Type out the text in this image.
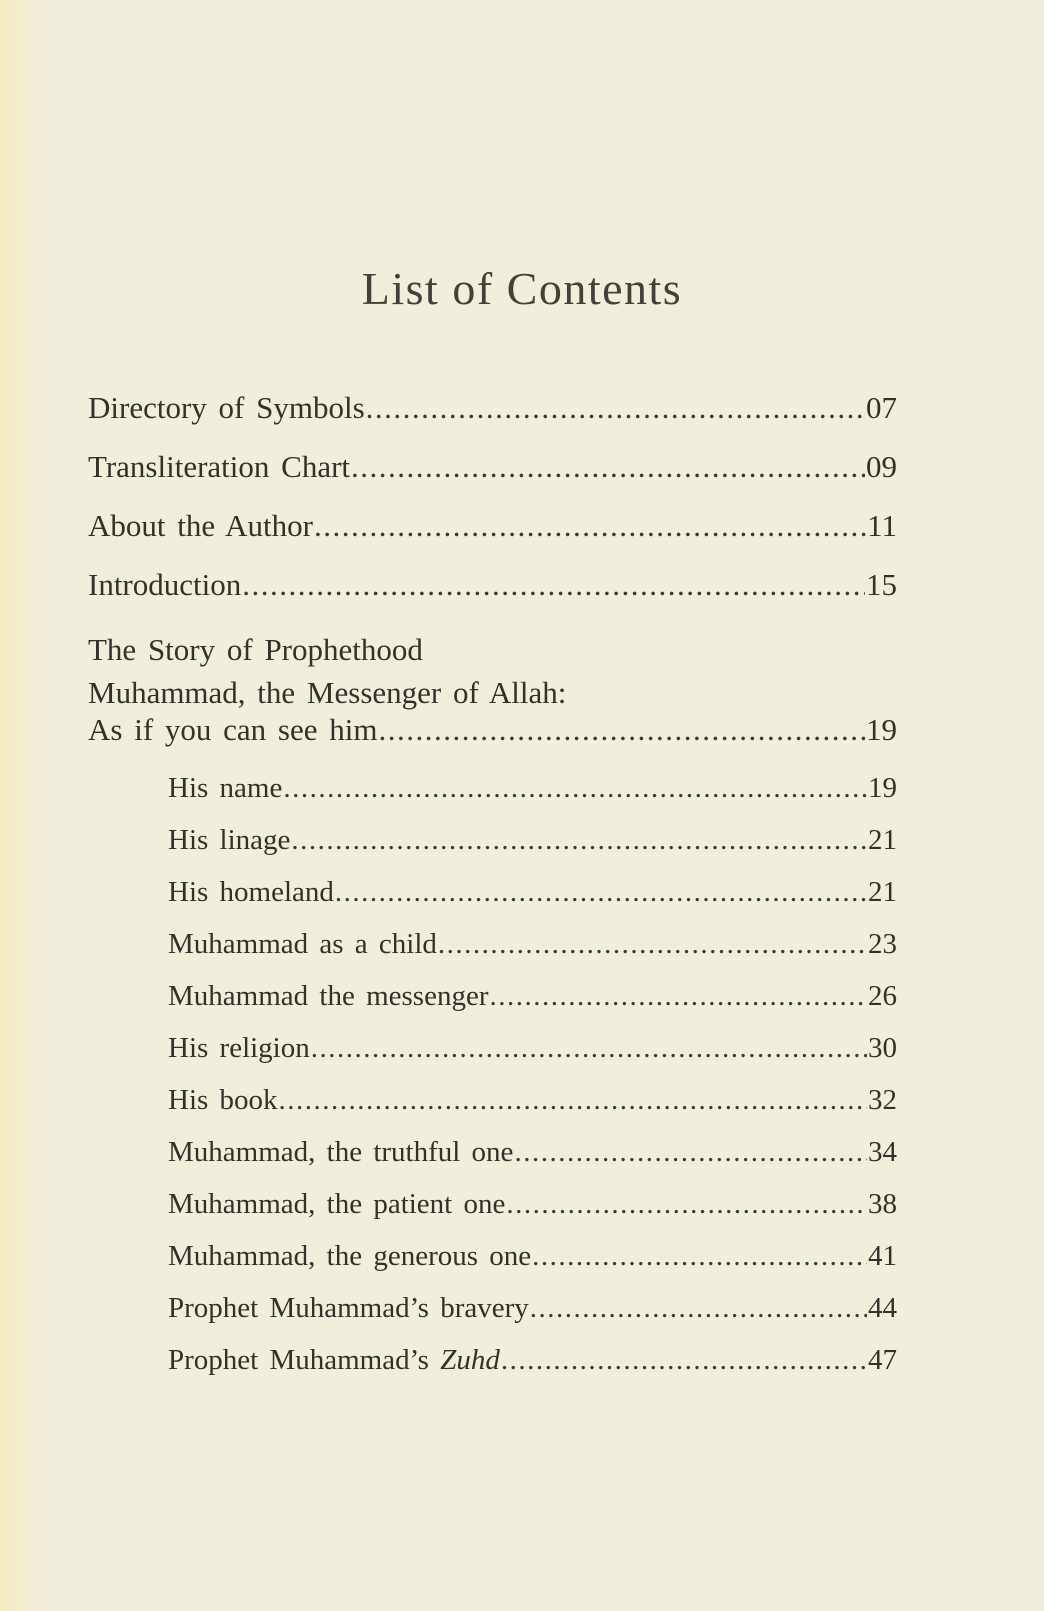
List of Contents
Directory of Symbols .....	07
Transliteration Chart .....	09
About the Author .....	11
Introduction .....	15
The Story of Prophethood
Muhammad, the Messenger of Allah:
As if you can see him .....	19
His name .....	19
His linage .....	21
His homeland .....	21
Muhammad as a child .....	23
Muhammad the messenger .....	26
His religion .....	30
His book .....	32
Muhammad, the truthful one .....	34
Muhammad, the patient one .....	38
Muhammad, the generous one .....	41
Prophet Muhammad’s bravery .....	44
Prophet Muhammad’s Zuhd .....	47
